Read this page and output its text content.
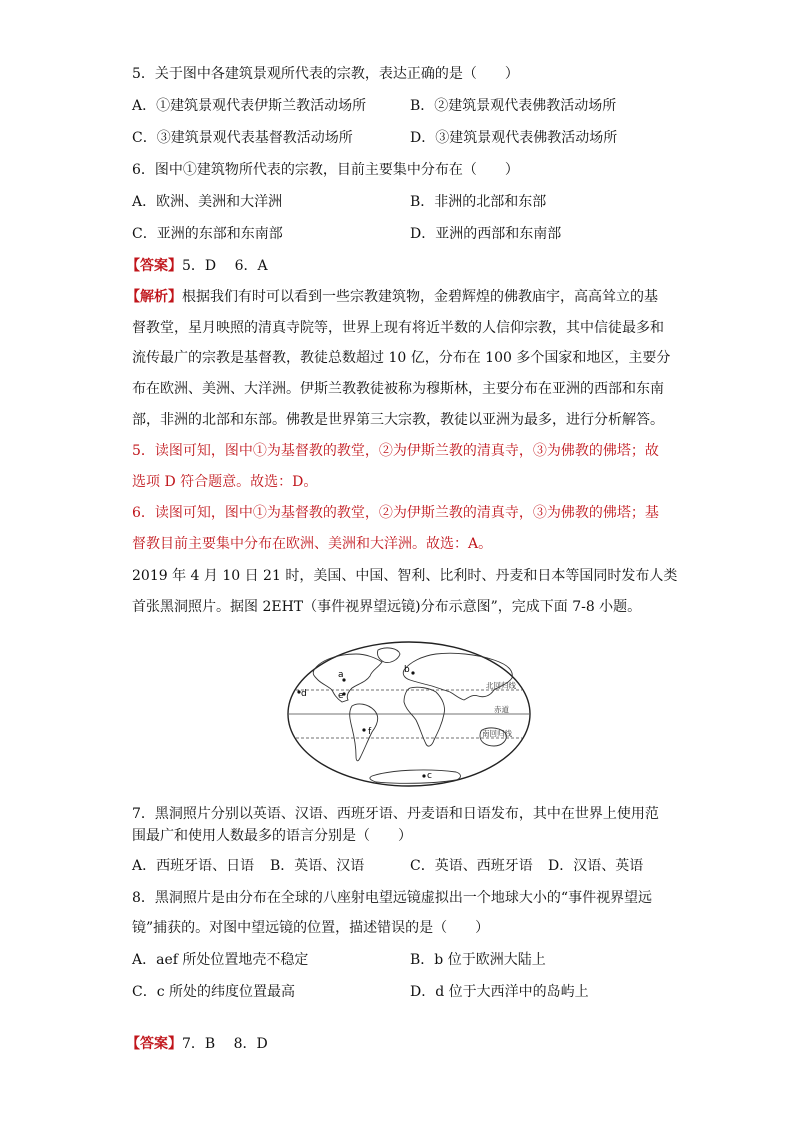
5．关于图中各建筑景观所代表的宗教，表达正确的是（　　）
A．①建筑景观代表伊斯兰教活动场所	B．②建筑景观代表佛教活动场所
C．③建筑景观代表基督教活动场所	D．③建筑景观代表佛教活动场所
6．图中①建筑物所代表的宗教，目前主要集中分布在（　　）
A．欧洲、美洲和大洋洲	B．非洲的北部和东部
C．亚洲的东部和东南部	D．亚洲的西部和东南部
【答案】5．D　 6．A
【解析】根据我们有时可以看到一些宗教建筑物，金碧辉煌的佛教庙宇，高高耸立的基
督教堂，星月映照的清真寺院等，世界上现有将近半数的人信仰宗教，其中信徒最多和
流传最广的宗教是基督教，教徒总数超过 10 亿，分布在 100 多个国家和地区，主要分
布在欧洲、美洲、大洋洲。伊斯兰教教徒被称为穆斯林，主要分布在亚洲的西部和东南
部，非洲的北部和东部。佛教是世界第三大宗教，教徒以亚洲为最多，进行分析解答。
5．读图可知，图中①为基督教的教堂，②为伊斯兰教的清真寺，③为佛教的佛塔；故
选项 D 符合题意。故选：D。
6．读图可知，图中①为基督教的教堂，②为伊斯兰教的清真寺，③为佛教的佛塔；基
督教目前主要集中分布在欧洲、美洲和大洋洲。故选：A。
2019 年 4 月 10 日 21 时，美国、中国、智利、比利时、丹麦和日本等国同时发布人类
首张黑洞照片。据图 2EHT（事件视界望远镜)分布示意图”，完成下面 7-8 小题。
a	b
c
d	e
f
北回归线
赤道
南回归线
7．黑洞照片分别以英语、汉语、西班牙语、丹麦语和日语发布，其中在世界上使用范
围最广和使用人数最多的语言分别是（　　）
A．西班牙语、日语 B．英语、汉语	C．英语、西班牙语 D．汉语、英语
8．黑洞照片是由分布在全球的八座射电望远镜虚拟出一个地球大小的“事件视界望远
镜”捕获的。对图中望远镜的位置，描述错误的是（　　）
A．aef 所处位置地壳不稳定	B．b 位于欧洲大陆上
C．c 所处的纬度位置最高	D．d 位于大西洋中的岛屿上
【答案】7．B　 8．D
